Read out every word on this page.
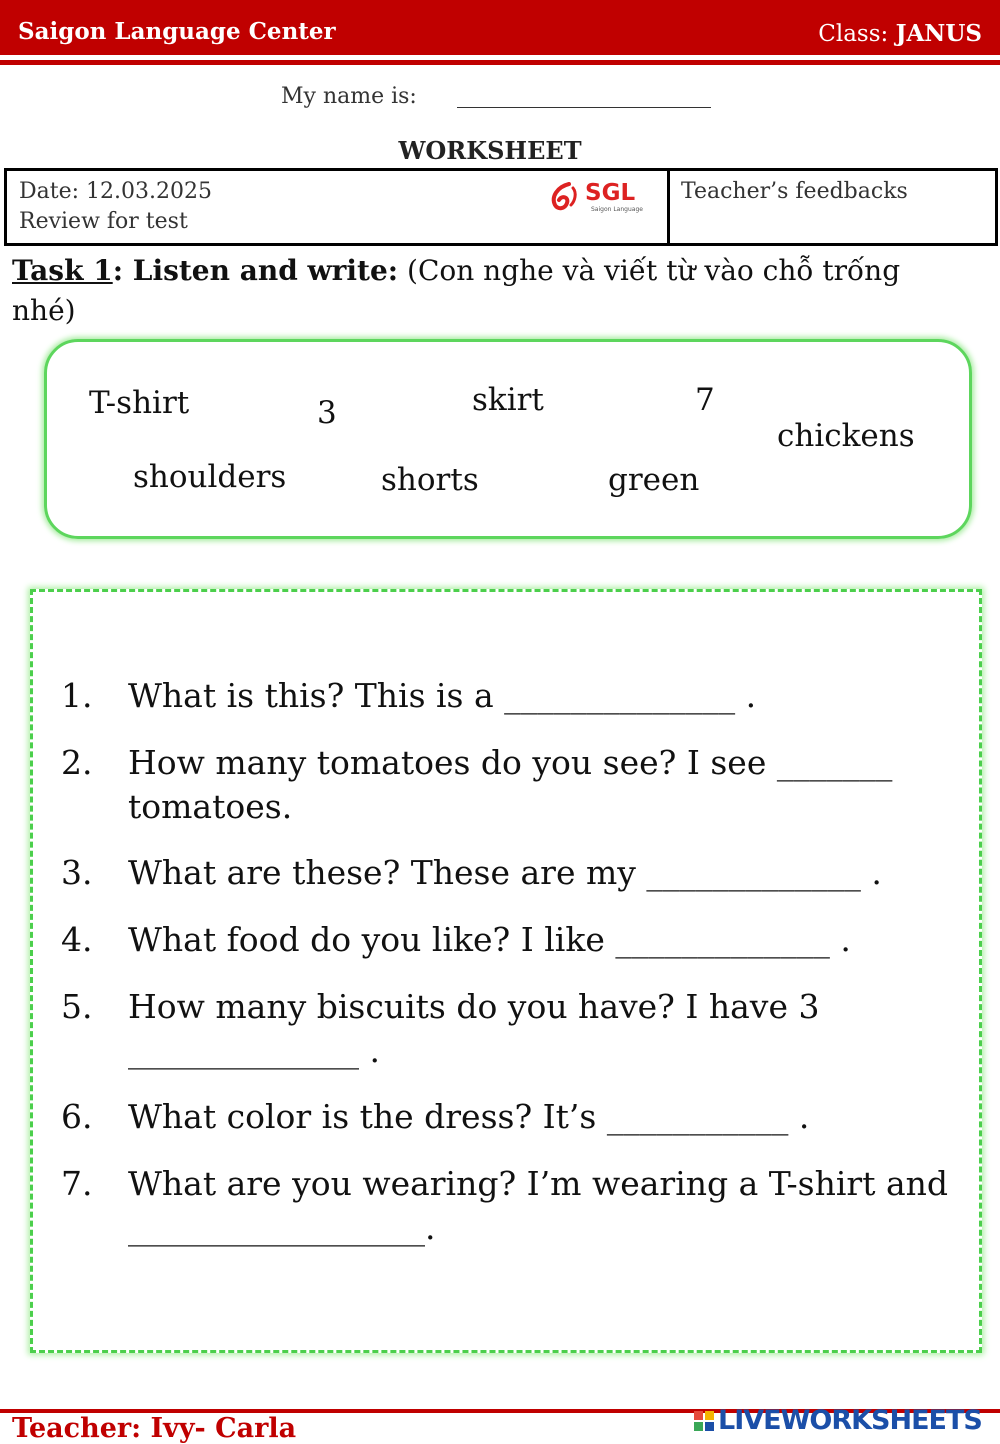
Saigon Language Center	Class: JANUS
My name is:
WORKSHEET
Date: 12.03.2025
Review for test
SGL
Saigon Language
Teacher’s feedbacks
Task 1: Listen and write: (Con nghe và viết từ vào chỗ trống
nhé)
T-shirt	3	skirt	7
chickens
shoulders	shorts	green
1. What is this? This is a ______________ .
2. How many tomatoes do you see? I see _______ tomatoes.
3. What are these? These are my _____________ .
4. What food do you like? I like _____________ .
5. How many biscuits do you have? I have 3 ______________ .
6. What color is the dress? It’s ___________ .
7. What are you wearing? I’m wearing a T-shirt and __________________.
Teacher: Ivy- Carla	LIVEWORKSHEETS
